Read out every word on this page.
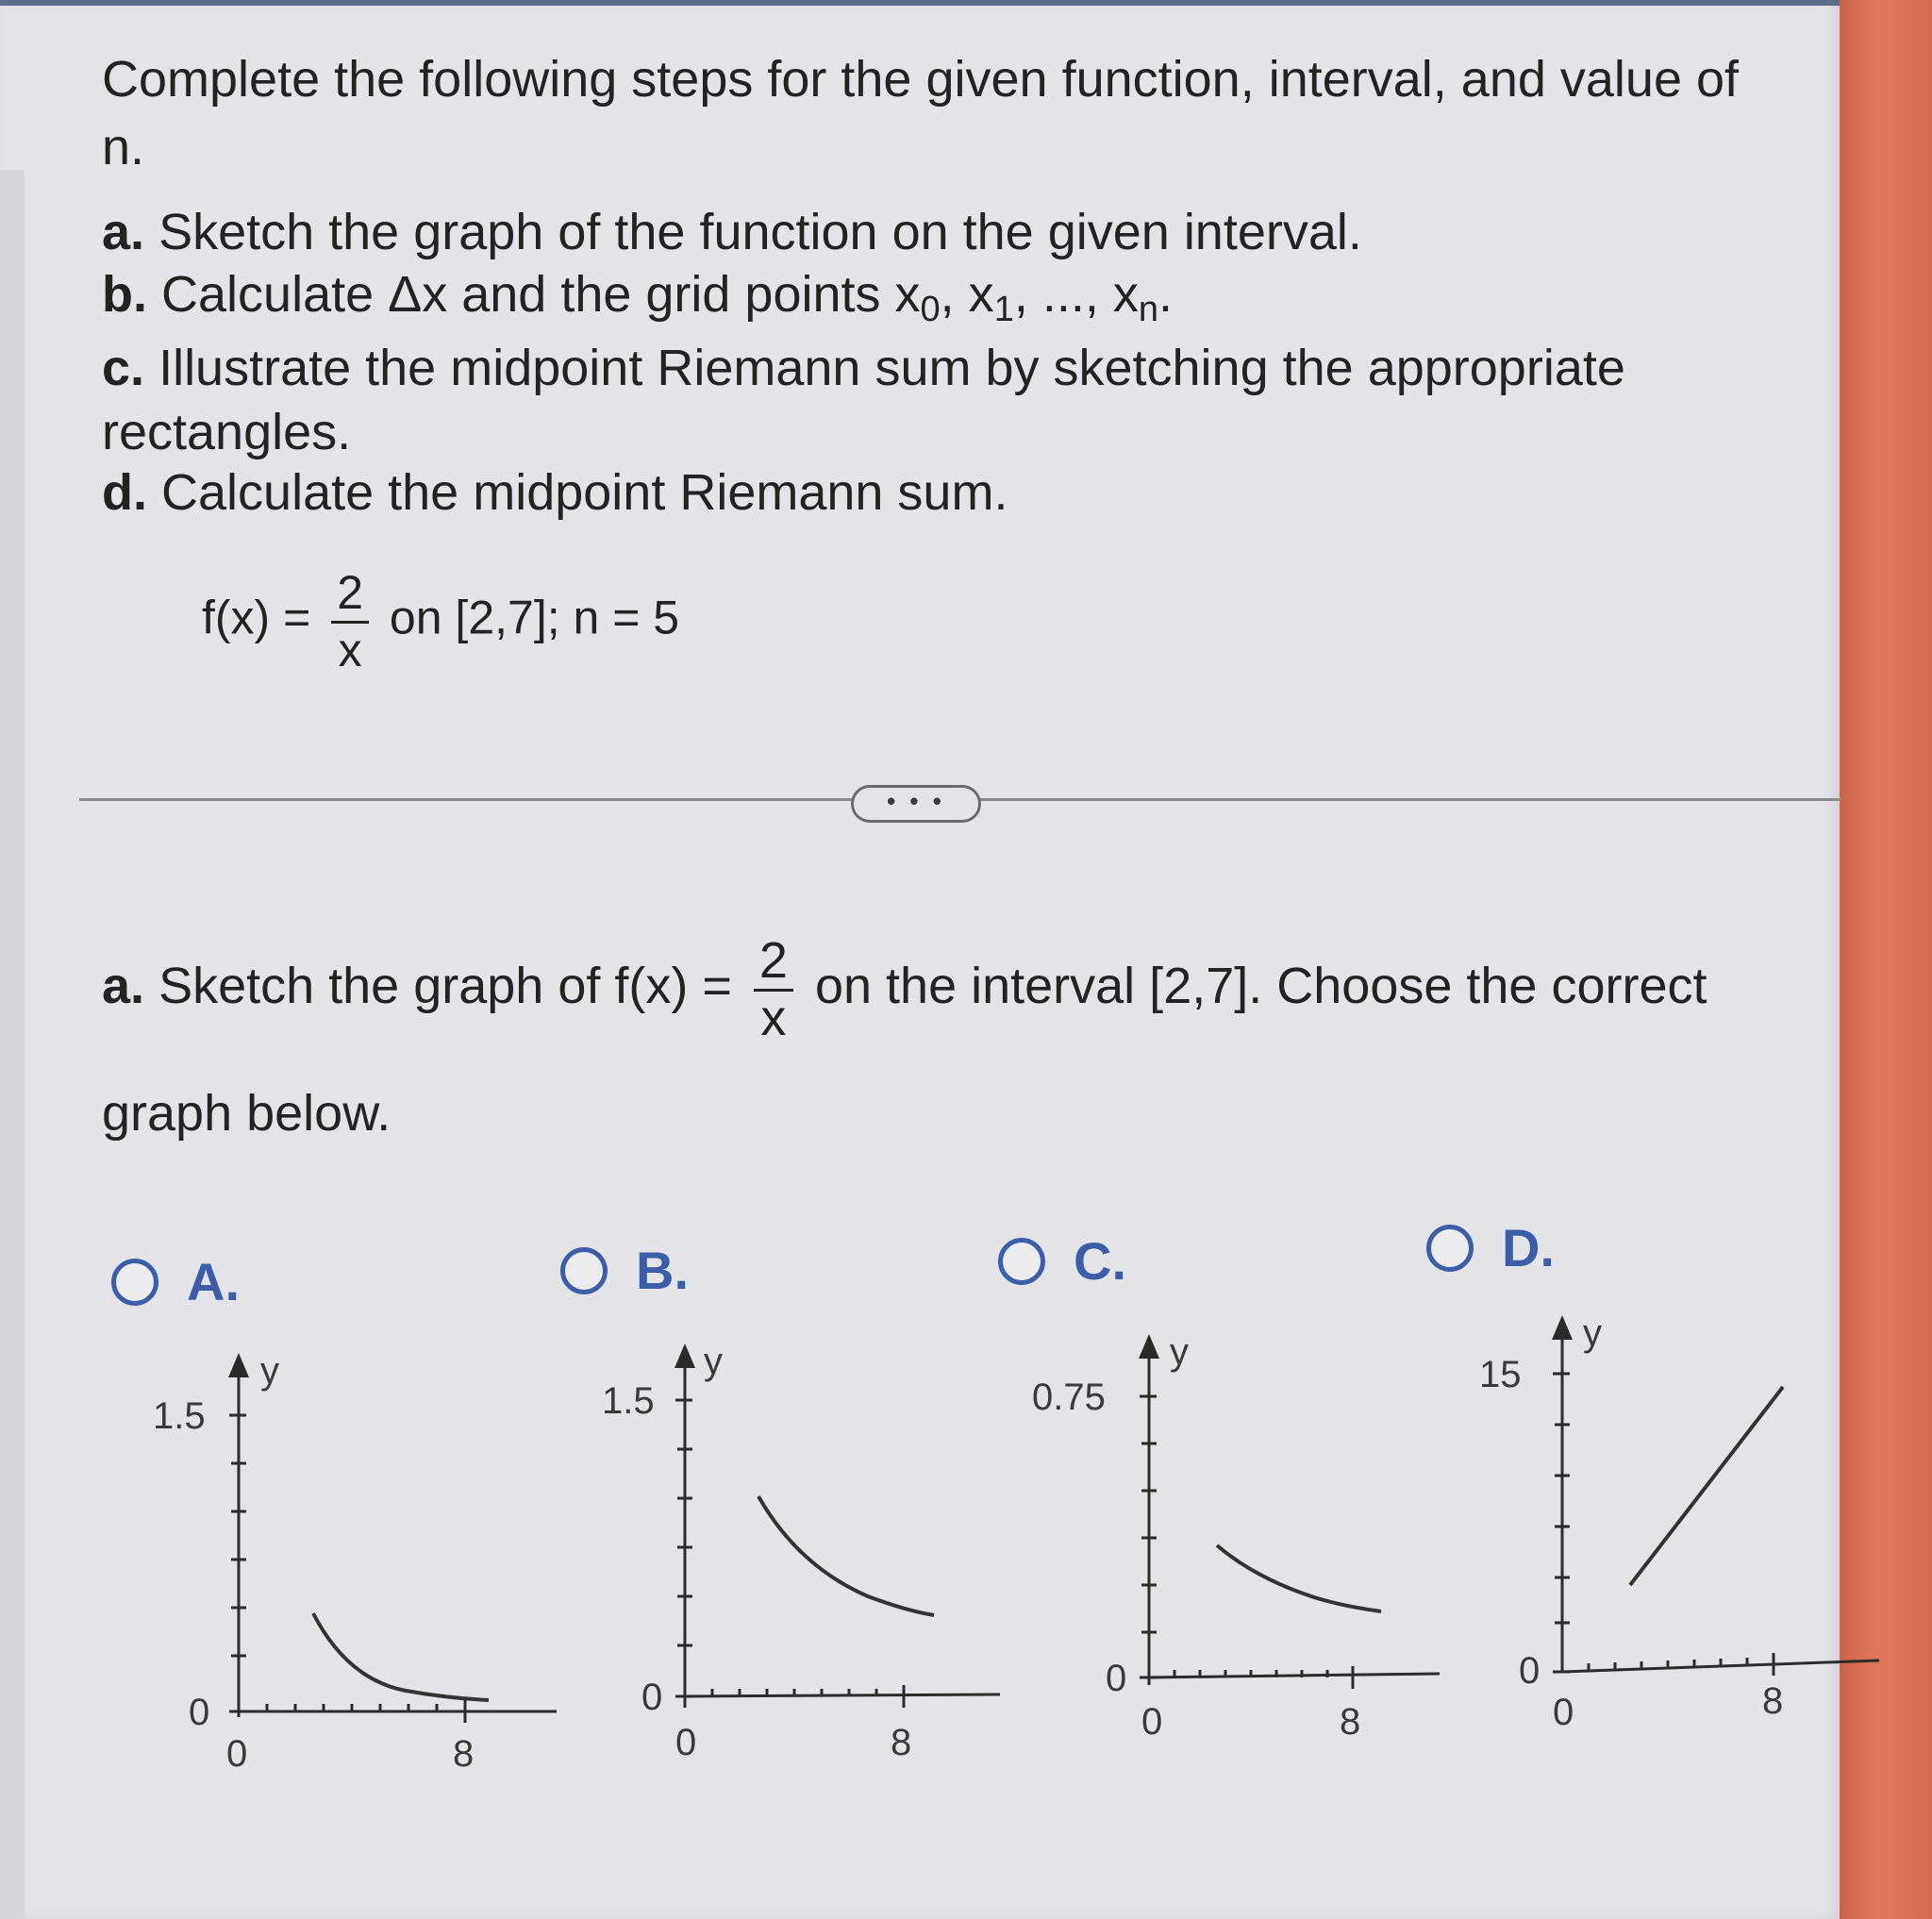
Complete the following steps for the given function, interval, and value of n.
a. Sketch the graph of the function on the given interval.
b. Calculate Δx and the grid points x0, x1, ..., xn.
c. Illustrate the midpoint Riemann sum by sketching the appropriate
rectangles.
d. Calculate the midpoint Riemann sum.
$f(x) = \frac{2}{x}$ on [2,7]; n = 5
• • •
a. Sketch the graph of $f(x) = \frac{2}{x}$ on the interval [2,7]. Choose the correct
graph below.
A.	B.	C.	D.
y
1.5
0
0	8
y
1.5
0
0	8
y
0.75
0
0	8
y
15
0
0	8
